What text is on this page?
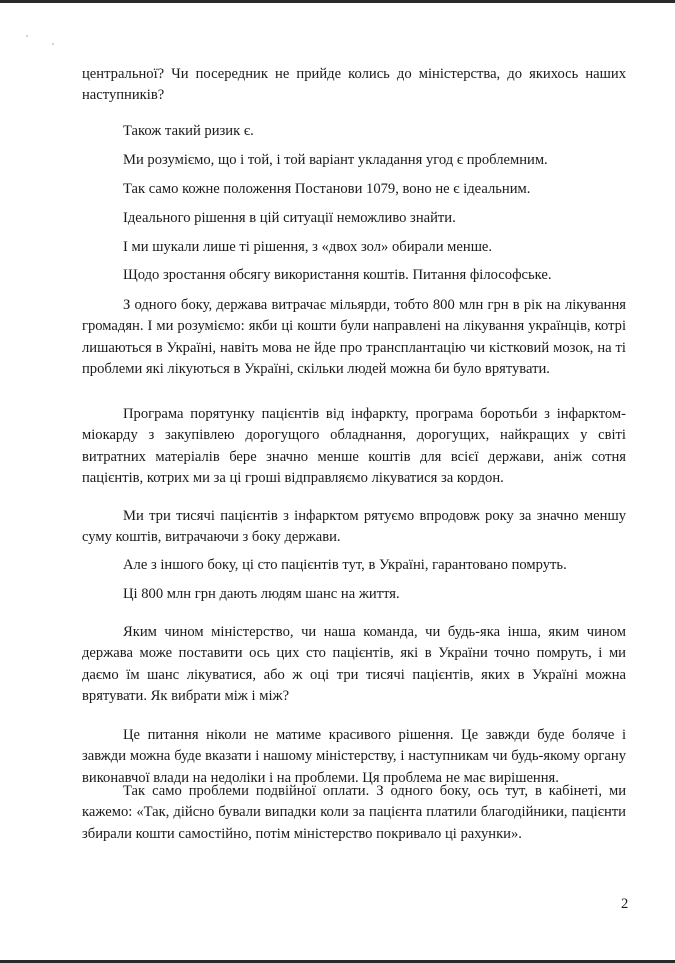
центральної? Чи посередник не прийде колись до міністерства, до якихось наших наступників?

Також такий ризик є.

Ми розуміємо, що і той, і той варіант укладання угод є проблемним.

Так само кожне положення Постанови 1079, воно не є ідеальним.

Ідеального рішення в цій ситуації неможливо знайти.

І ми шукали лише ті рішення, з «двох зол» обирали менше.

Щодо зростання обсягу використання коштів. Питання філософське.

З одного боку, держава витрачає мільярди, тобто 800 млн грн в рік на лікування громадян. І ми розуміємо: якби ці кошти були направлені на лікування українців, котрі лишаються в Україні, навіть мова не йде про трансплантацію чи кістковий мозок, на ті проблеми які лікуються в Україні, скільки людей можна би було врятувати.

Програма порятунку пацієнтів від інфаркту, програма боротьби з інфарктом-міокарду з закупівлею дорогущого обладнання, дорогущих, найкращих у світі витратних матеріалів бере значно менше коштів для всієї держави, аніж сотня пацієнтів, котрих ми за ці гроші відправляємо лікуватися за кордон.

Ми три тисячі пацієнтів з інфарктом рятуємо впродовж року за значно меншу суму коштів, витрачаючи з боку держави.

Але з іншого боку, ці сто пацієнтів тут, в Україні, гарантовано помруть.

Ці 800 млн грн дають людям шанс на життя.

Яким чином міністерство, чи наша команда, чи будь-яка інша, яким чином держава може поставити ось цих сто пацієнтів, які в України точно помруть, і ми даємо їм шанс лікуватися, або ж оці три тисячі пацієнтів, яких в Україні можна врятувати. Як вибрати між і між?

Це питання ніколи не матиме красивого рішення. Це завжди буде боляче і завжди можна буде вказати і нашому міністерству, і наступникам чи будь-якому органу виконавчої влади на недоліки і на проблеми. Ця проблема не має вирішення.

Так само проблеми подвійної оплати. З одного боку, ось тут, в кабінеті, ми кажемо: «Так, дійсно бували випадки коли за пацієнта платили благодійники, пацієнти збирали кошти самостійно, потім міністерство покривало ці рахунки».

2
